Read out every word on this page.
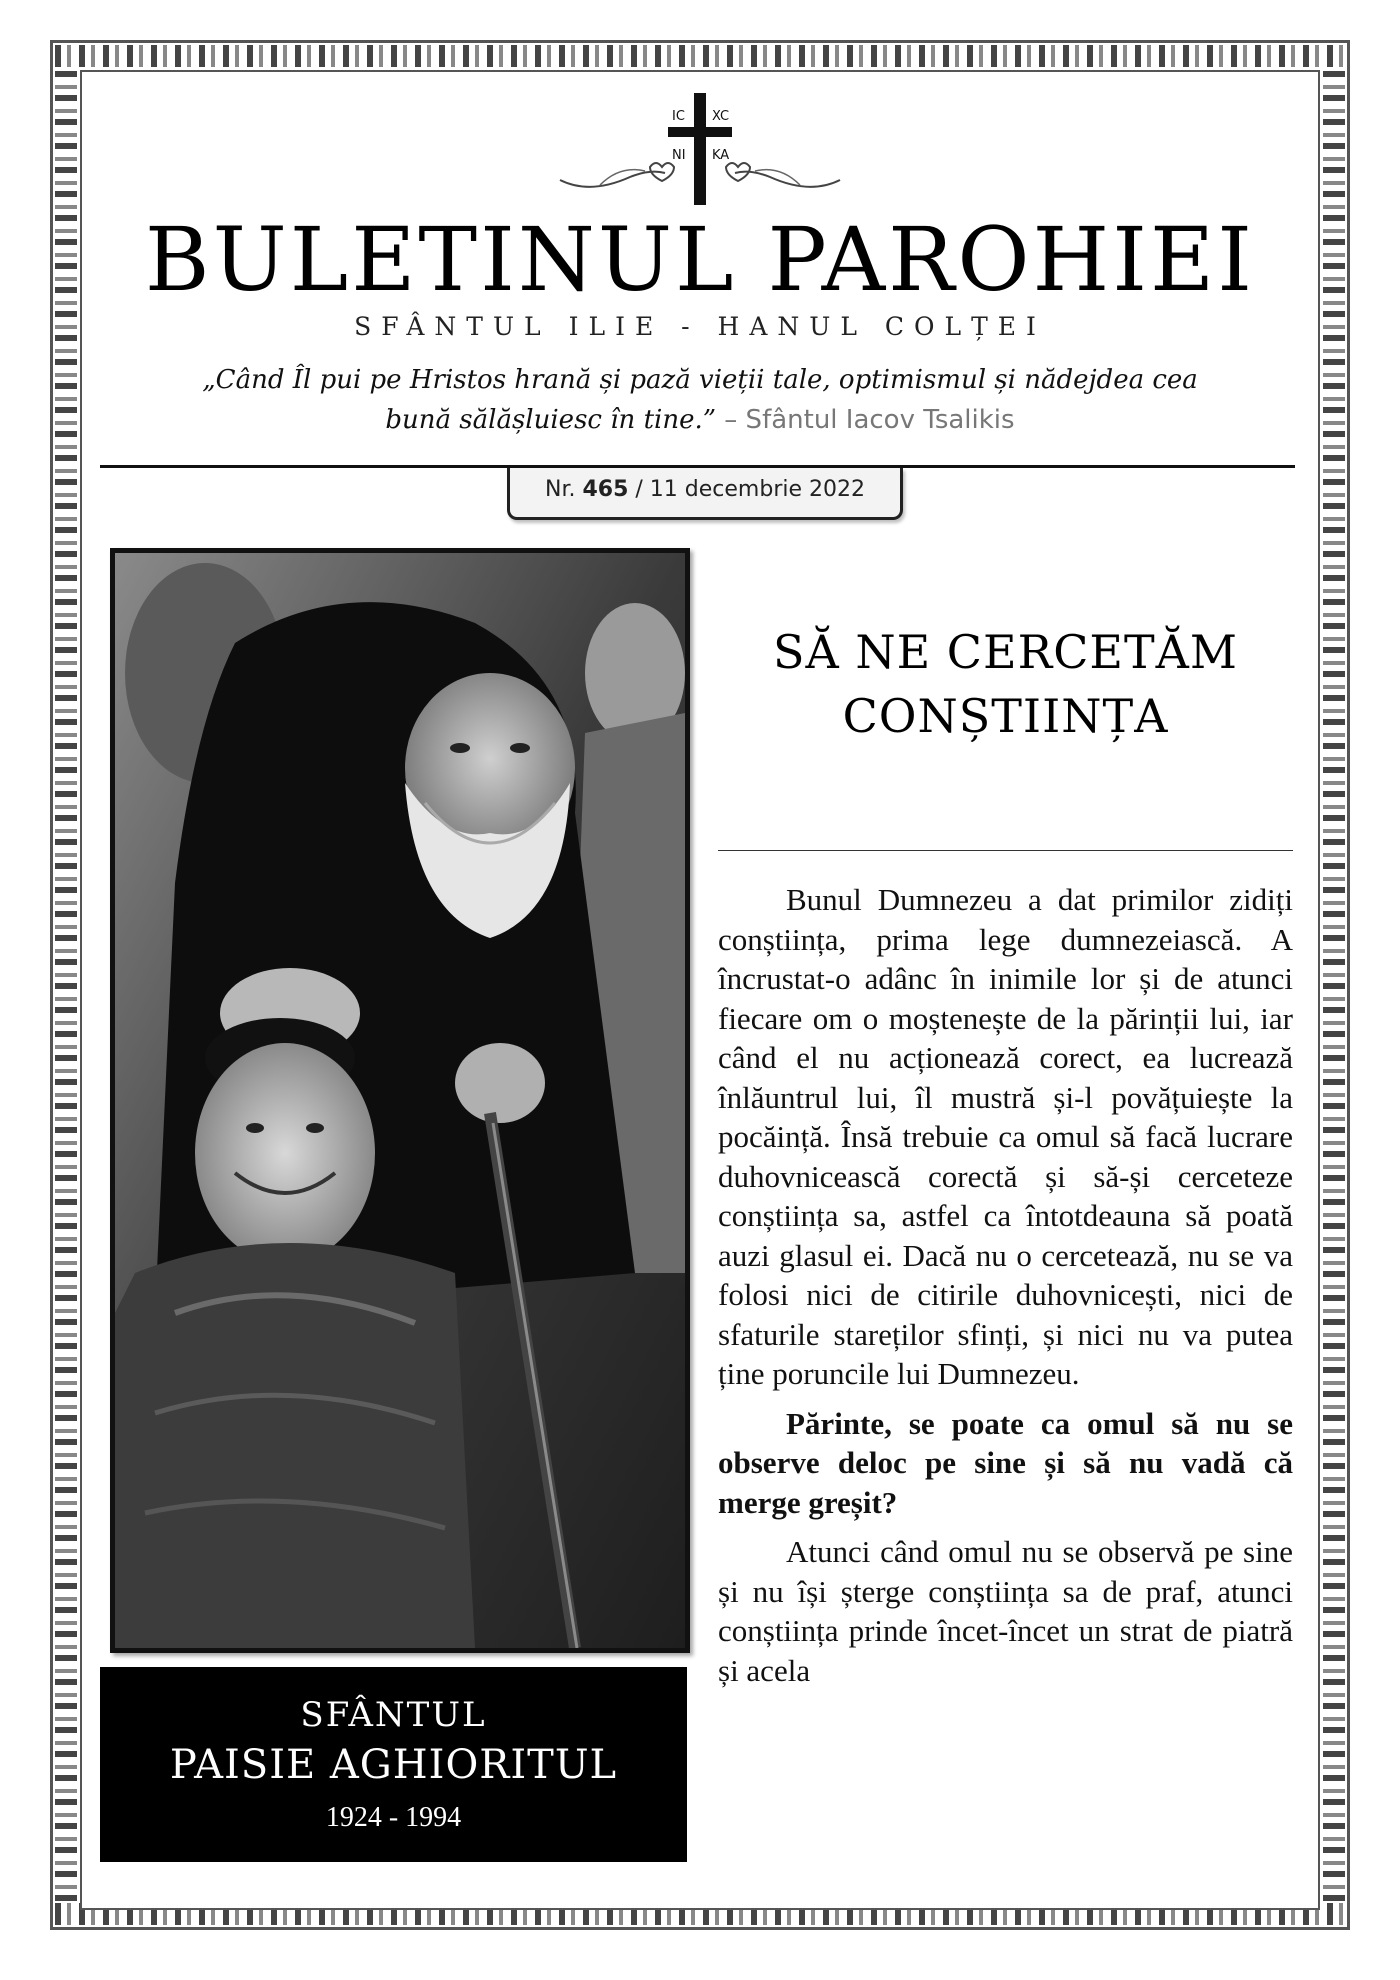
IC XC
NI KA
BULETINUL PAROHIEI
SFÂNTUL ILIE - HANUL COLȚEI
„Când Îl pui pe Hristos hrană și pază vieții tale, optimismul și nădejdea cea bună sălășluiesc în tine.” – Sfântul Iacov Tsalikis
Nr. 465 / 11 decembrie 2022
SFÂNTUL
PAISIE AGHIORITUL
1924 - 1994
SĂ NE CERCETĂM
CONȘTIINȚA

Bunul Dumnezeu a dat primilor zidiți conștiința, prima lege dumnezeiască. A încrustat-o adânc în inimile lor și de atunci fiecare om o moștenește de la părinții lui, iar când el nu acționează corect, ea lucrează înlăuntrul lui, îl mustră și-l povățuiește la pocăință. Însă trebuie ca omul să facă lucrare duhovnicească corectă și să-și cerceteze conștiința sa, astfel ca întotdeauna să poată auzi glasul ei. Dacă nu o cercetează, nu se va folosi nici de citirile duhovnicești, nici de sfaturile stareților sfinți, și nici nu va putea ține poruncile lui Dumnezeu.

Părinte, se poate ca omul să nu se observe deloc pe sine și să nu vadă că merge greșit?

Atunci când omul nu se observă pe sine și nu își șterge conștiința sa de praf, atunci conștiința prinde încet-încet un strat de piatră și acela
